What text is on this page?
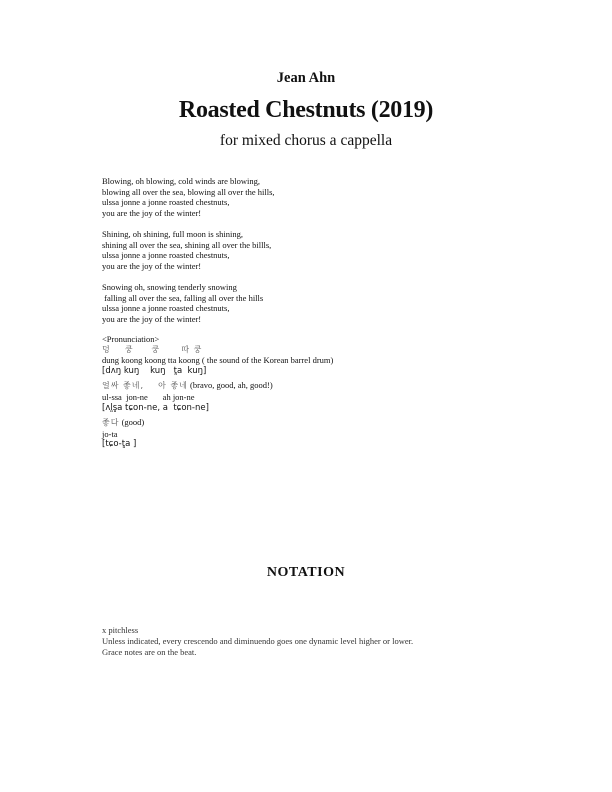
Jean Ahn
Roasted Chestnuts (2019)
for mixed chorus a cappella
Blowing, oh blowing, cold winds are blowing,
blowing all over the sea, blowing all over the hills,
ulssa jonne a jonne roasted chestnuts,
you are the joy of the winter!
Shining, oh shining, full moon is shining,
shining all over the sea, shining all over the billls,
ulssa jonne a jonne roasted chestnuts,
you are the joy of the winter!
Snowing oh, snowing tenderly snowing
falling all over the sea, falling all over the hills
ulssa jonne a jonne roasted chestnuts,
you are the joy of the winter!
<Pronunciation>
덩    쿵     쿵      따 쿵
dung koong koong tta koong ( the sound of the Korean barrel drum)
[dʌŋ kuŋ    kuŋ   t̪a  kuŋ]
얼싸 좋네,    아 좋네 (bravo, good, ah, good!)
ul-ssa  jon-ne       ah jon-ne
[ʌl͈s͈a tɕon-ne, a  tɕon-ne]
좋다 (good)
jo-ta
[tɕo-t͈a ]
NOTATION
x pitchless
Unless indicated, every crescendo and diminuendo goes one dynamic level higher or lower.
Grace notes are on the beat.
